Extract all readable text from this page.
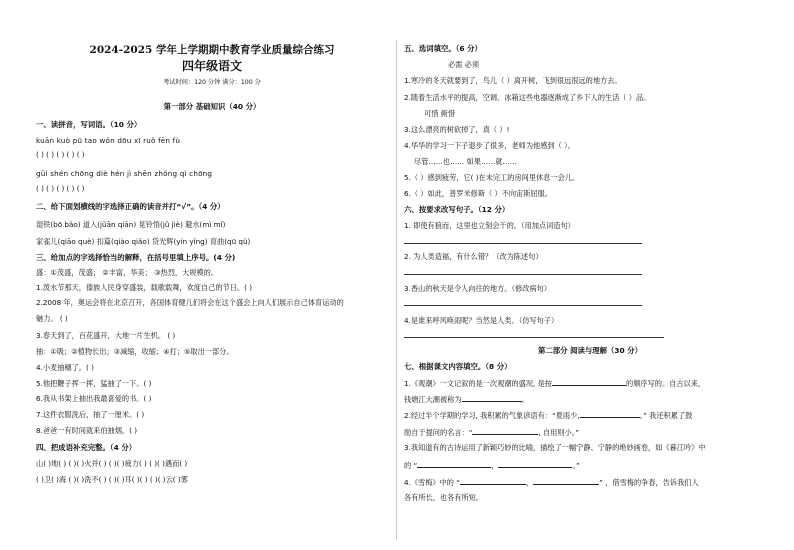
2024-2025 学年上学期期中教育学业质量综合练习
四年级语文
考试时间：120 分钟 满分：100 分
第一部分 基础知识（40 分）
一、读拼音，写词语。（10 分）
kuān kuò pū tao wǒn dōu xī ruǒ fēn fù
( ) ( ) ( ) ( ) ( )
gǔi shén chōng diè hén jì shēn zhǒng qì chōng
( ) ( ) ( ) ( ) ( )
二、给下面划横线的字选择正确的读音并打“√”。（4 分）
湿铁(bō bǎo) 道入(jǔān qiān) 晃铃悟(jǔ jiè) 避水(mì mǐ)
家雀儿(qiāo què) 扣篇(qiào qiǎo) 货光辉(yín yǐng) 育曲(qū qǔ)
三、给加点的字选择恰当的解释，在括号里填上序号。(4 分)
盛：①茂盛，茂盛； ②丰富，华美； ③热烈，大规模的。
1.泼水节那天，傣族人民身穿盛装，载歌载舞，欢度自己的节日。( )
2.2008 年，奥运会将在北京召开，各国体育健儿们将会在这个盛会上向人们展示自己体育运动的
魅力。 ( )
3.春天到了，百花盛开，大地一片生机。 ( )
抽：①吸；②植物长出；③减缩，收缩；④打；⑤取出一部分。
4.小麦抽穗了。( )
5.他把鞭子挥一挥，猛抽了一下。( )
6.我从书架上抽出我最喜爱的书。( )
7.这件衣服洗后，抽了一厘米。( )
8.爸爸一有时间就来伯抽烟。( )
四、把成语补充完整。（4 分）
山( )地( ) ( )( )火并( ) ( )( )疲力( ) ( )( )遇而( )
( )卫( )海 ( )( )洗不( ) ( )( )耳( )( ) ( )( )云( )雾
五、选词填空。（6 分）
必需 必须
1.寒冷的冬天就要到了，鸟儿（ ）离开树，飞到很远很远的地方去。
2.随着生活水平的提高，空调、冰箱这些电器逐渐成了乡下人的生活（ ）品。
可惜 俯惜
3.这么漂亮的树砍掉了，真（ ）!
4.华华的学习一下子退步了很多，老师为他感到（ ）。
尽管……也…… 如果……就……
5.（ ）感到疲劳，它( )在未完工的房间里休息一会儿。
6.（ ）如此，普罗米修斯（ ）不向宙斯屈服。
六、按要求改写句子。（12 分）
1. 即使有狼而，这里也立刻会干的。（用加点词造句）
2. 为人类造福，有什么错？（改为陈述句）
3.香山的秋天是令人向往的地方。（修改病句）
4.是谁来呼风唤雨呢？当然是人类。（仿写句子）
第二部分 阅读与理解（30 分）
七、根据课文内容填空。（8 分）
1.《观潮》一文记叙的是一次观潮的盛况, 是按	的顺序写的。自古以来，
钱塘江大潮被称为	。
2.经过半个学期的学习, 我积累的气象谚语有：“夏雨少,	。” 我还积累了鼓
励自于提问的名言：“	, 自用则小。”
3.我知道有的古诗运用了新颖巧妙的比喻，描绘了一幅宁静、宁静的绝妙画卷，如《暮江吟》中
的 “	，	。”
4.《雪梅》中的 “	，	” ，借雪梅的争春，告诉我们人
各有所长，也各有所短。
